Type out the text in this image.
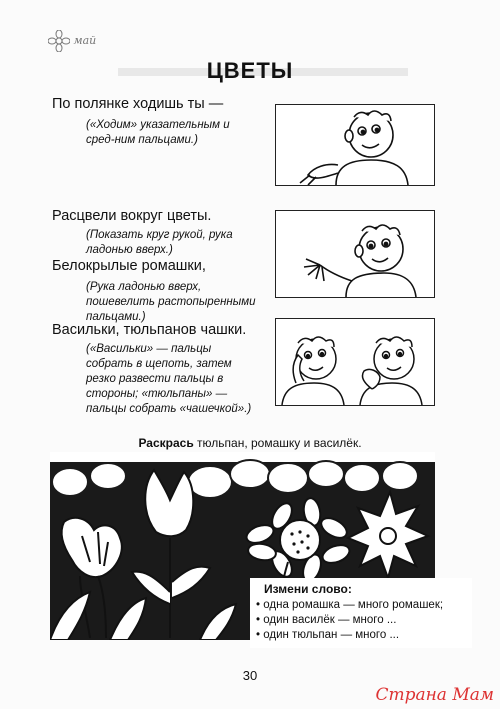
май
ЦВЕТЫ
По полянке ходишь ты —
(«Ходим» указательным и сред-ним пальцами.)
Расцвели вокруг цветы.
(Показать круг рукой, рука ладонью вверх.)
Белокрылые ромашки,
(Рука ладонью вверх, пошевелить растопыренными пальцами.)
Васильки, тюльпанов чашки.
(«Васильки» — пальцы собрать в щепоть, затем резко развести пальцы в стороны; «тюльпаны» — пальцы собрать «чашечкой».)
Раскрась тюльпан, ромашку и василёк.
Измени слово:
• одна ромашка — много ромашек;
• один василёк — много ...
• один тюльпан — много ...
30
Страна Мам
